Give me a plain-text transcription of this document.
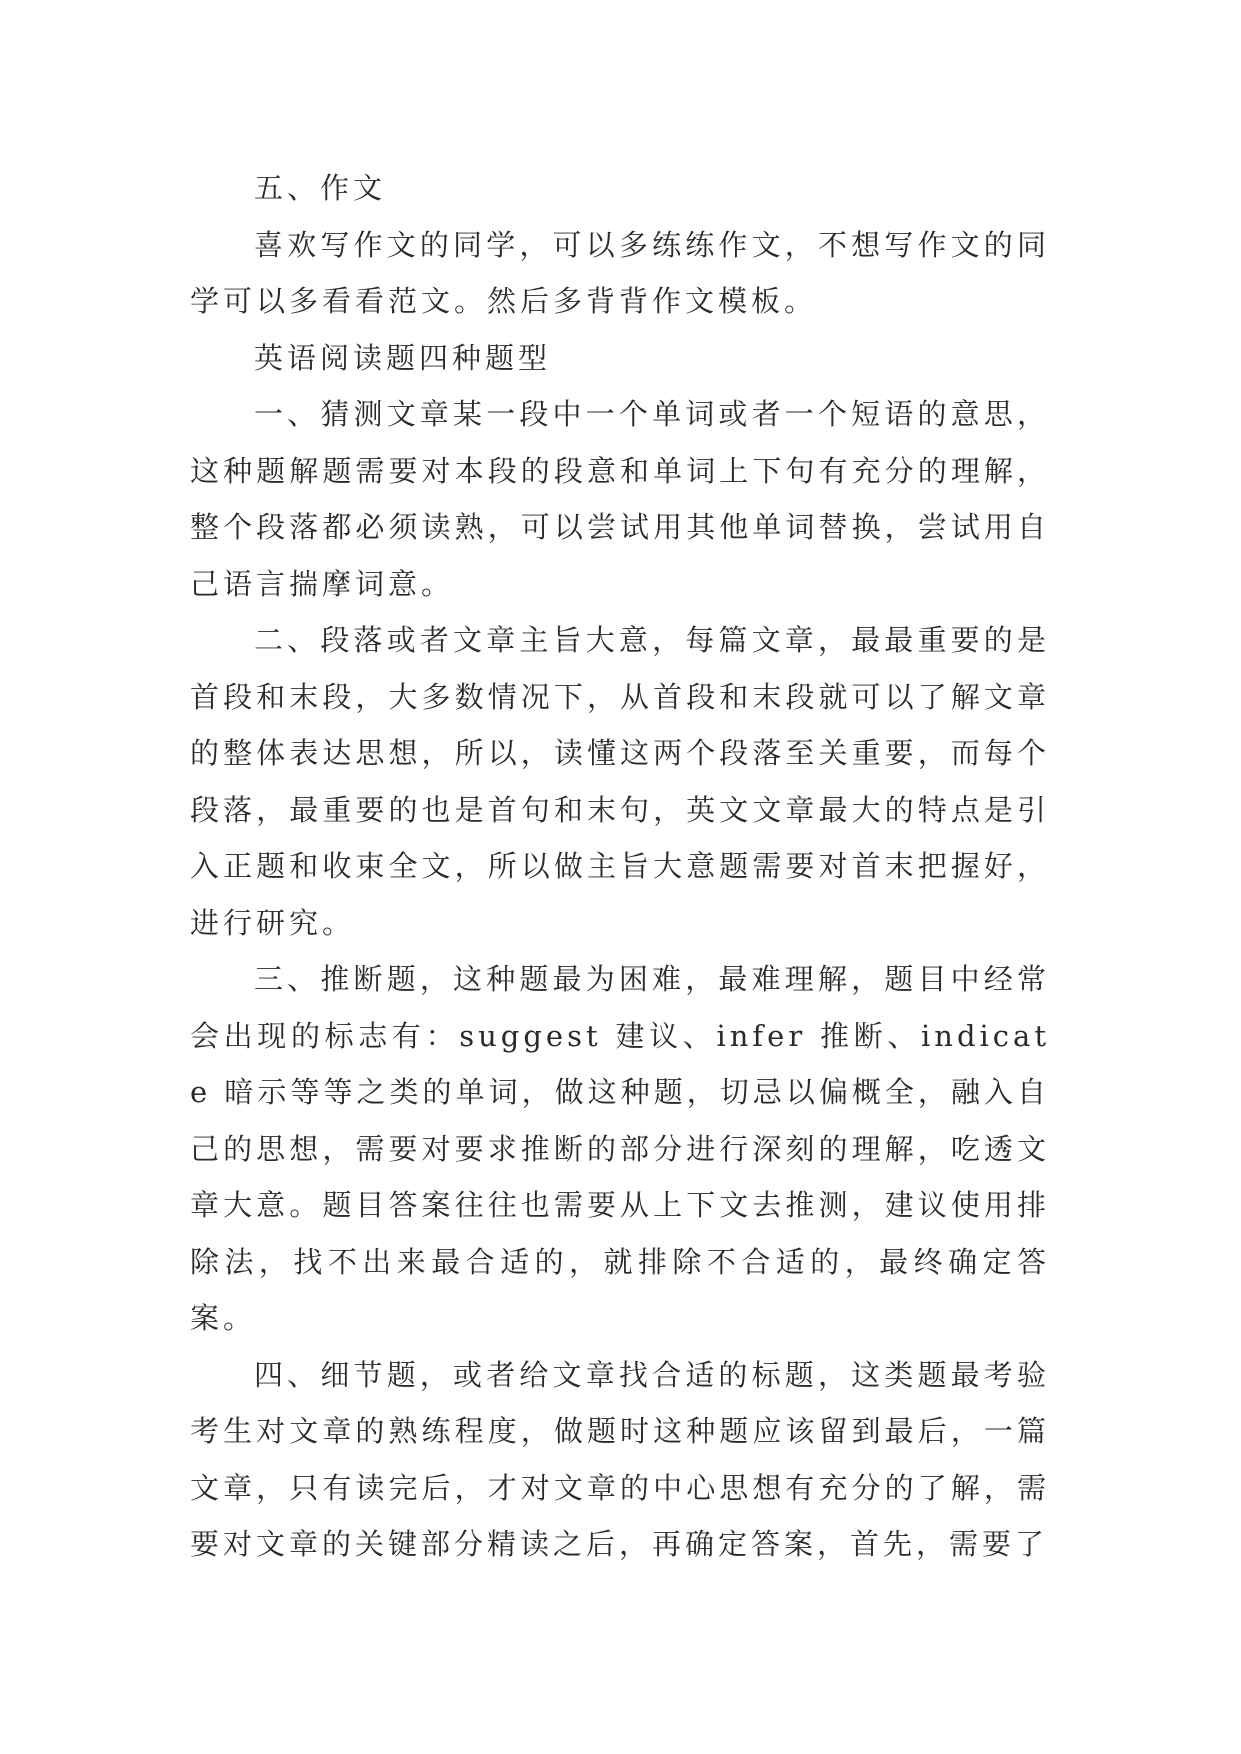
五、作文

喜欢写作文的同学，可以多练练作文，不想写作文的同学可以多看看范文。然后多背背作文模板。

英语阅读题四种题型

一、猜测文章某一段中一个单词或者一个短语的意思，这种题解题需要对本段的段意和单词上下句有充分的理解，整个段落都必须读熟，可以尝试用其他单词替换，尝试用自己语言揣摩词意。

二、段落或者文章主旨大意，每篇文章，最最重要的是首段和末段，大多数情况下，从首段和末段就可以了解文章的整体表达思想，所以，读懂这两个段落至关重要，而每个段落，最重要的也是首句和末句，英文文章最大的特点是引入正题和收束全文，所以做主旨大意题需要对首末把握好，进行研究。

三、推断题，这种题最为困难，最难理解，题目中经常会出现的标志有：suggest 建议、infer 推断、indicate 暗示等等之类的单词，做这种题，切忌以偏概全，融入自己的思想，需要对要求推断的部分进行深刻的理解，吃透文章大意。题目答案往往也需要从上下文去推测，建议使用排除法，找不出来最合适的，就排除不合适的，最终确定答案。

四、细节题，或者给文章找合适的标题，这类题最考验考生对文章的熟练程度，做题时这种题应该留到最后，一篇文章，只有读完后，才对文章的中心思想有充分的了解，需要对文章的关键部分精读之后，再确定答案，首先，需要了
